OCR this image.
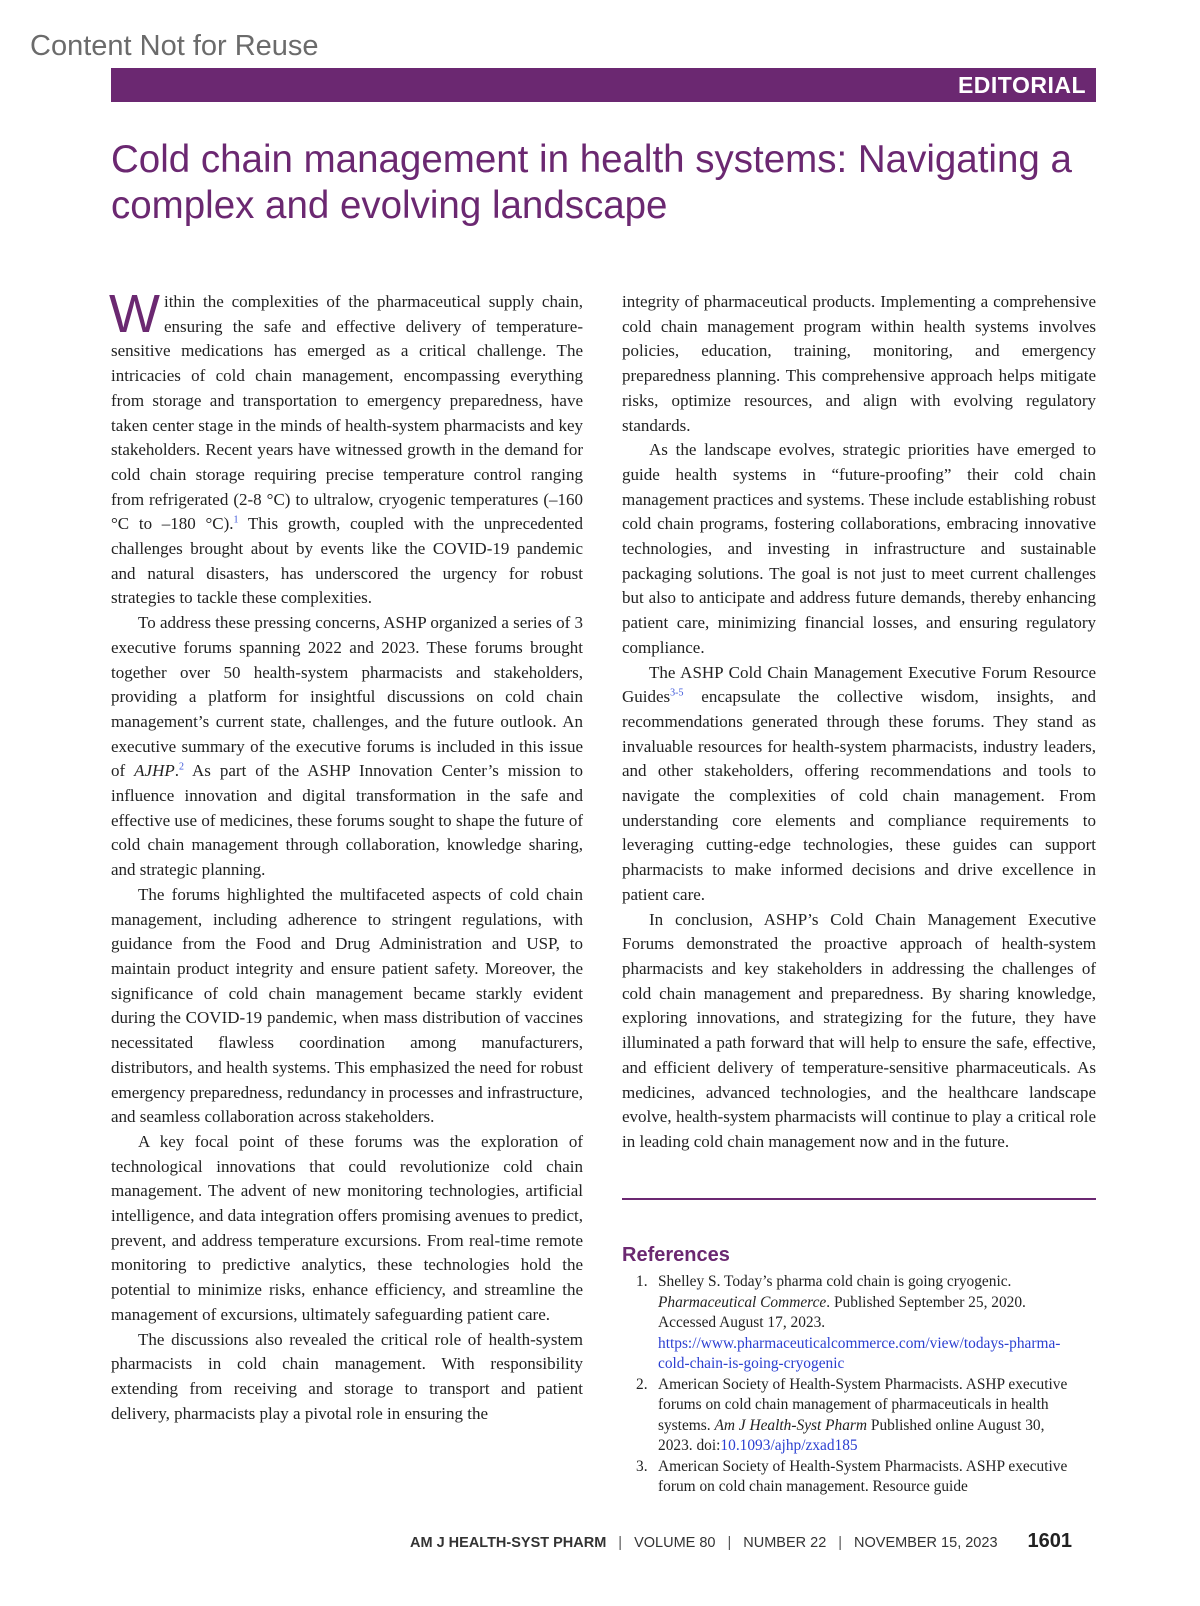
Content Not for Reuse
EDITORIAL
Cold chain management in health systems: Navigating a complex and evolving landscape

Within the complexities of the pharmaceutical supply chain, ensuring the safe and effective delivery of temperature-sensitive medications has emerged as a critical challenge. The intricacies of cold chain management, encompassing everything from storage and transportation to emergency preparedness, have taken center stage in the minds of health-system pharmacists and key stakeholders. Recent years have witnessed growth in the demand for cold chain storage requiring precise temperature control ranging from refrigerated (2-8 °C) to ultralow, cryogenic temperatures (–160 °C to –180 °C).$^1$ This growth, coupled with the unprecedented challenges brought about by events like the COVID-19 pandemic and natural disasters, has underscored the urgency for robust strategies to tackle these complexities.

To address these pressing concerns, ASHP organized a series of 3 executive forums spanning 2022 and 2023. These forums brought together over 50 health-system pharmacists and stakeholders, providing a platform for insightful discussions on cold chain management’s current state, challenges, and the future outlook. An executive summary of the executive forums is included in this issue of AJHP.$^2$ As part of the ASHP Innovation Center’s mission to influence innovation and digital transformation in the safe and effective use of medicines, these forums sought to shape the future of cold chain management through collaboration, knowledge sharing, and strategic planning.

The forums highlighted the multifaceted aspects of cold chain management, including adherence to stringent regulations, with guidance from the Food and Drug Administration and USP, to maintain product integrity and ensure patient safety. Moreover, the significance of cold chain management became starkly evident during the COVID-19 pandemic, when mass distribution of vaccines necessitated flawless coordination among manufacturers, distributors, and health systems. This emphasized the need for robust emergency preparedness, redundancy in processes and infrastructure, and seamless collaboration across stakeholders.

A key focal point of these forums was the exploration of technological innovations that could revolutionize cold chain management. The advent of new monitoring technologies, artificial intelligence, and data integration offers promising avenues to predict, prevent, and address temperature excursions. From real-time remote monitoring to predictive analytics, these technologies hold the potential to minimize risks, enhance efficiency, and streamline the management of excursions, ultimately safeguarding patient care.

The discussions also revealed the critical role of health-system pharmacists in cold chain management. With responsibility extending from receiving and storage to transport and patient delivery, pharmacists play a pivotal role in ensuring the

integrity of pharmaceutical products. Implementing a comprehensive cold chain management program within health systems involves policies, education, training, monitoring, and emergency preparedness planning. This comprehensive approach helps mitigate risks, optimize resources, and align with evolving regulatory standards.

As the landscape evolves, strategic priorities have emerged to guide health systems in “future-proofing” their cold chain management practices and systems. These include establishing robust cold chain programs, fostering collaborations, embracing innovative technologies, and investing in infrastructure and sustainable packaging solutions. The goal is not just to meet current challenges but also to anticipate and address future demands, thereby enhancing patient care, minimizing financial losses, and ensuring regulatory compliance.

The ASHP Cold Chain Management Executive Forum Resource Guides$^{3-5}$ encapsulate the collective wisdom, insights, and recommendations generated through these forums. They stand as invaluable resources for health-system pharmacists, industry leaders, and other stakeholders, offering recommendations and tools to navigate the complexities of cold chain management. From understanding core elements and compliance requirements to leveraging cutting-edge technologies, these guides can support pharmacists to make informed decisions and drive excellence in patient care.

In conclusion, ASHP’s Cold Chain Management Executive Forums demonstrated the proactive approach of health-system pharmacists and key stakeholders in addressing the challenges of cold chain management and preparedness. By sharing knowledge, exploring innovations, and strategizing for the future, they have illuminated a path forward that will help to ensure the safe, effective, and efficient delivery of temperature-sensitive pharmaceuticals. As medicines, advanced technologies, and the healthcare landscape evolve, health-system pharmacists will continue to play a critical role in leading cold chain management now and in the future.

References
1. Shelley S. Today’s pharma cold chain is going cryogenic. Pharmaceutical Commerce. Published September 25, 2020. Accessed August 17, 2023. https://www.pharmaceuticalcommerce.com/view/todays-pharma-cold-chain-is-going-cryogenic
2. American Society of Health-System Pharmacists. ASHP executive forums on cold chain management of pharmaceuticals in health systems. Am J Health-Syst Pharm Published online August 30, 2023. doi:10.1093/ajhp/zxad185
3. American Society of Health-System Pharmacists. ASHP executive forum on cold chain management. Resource guide
AM J HEALTH-SYST PHARM | VOLUME 80 | NUMBER 22 | NOVEMBER 15, 2023 1601
